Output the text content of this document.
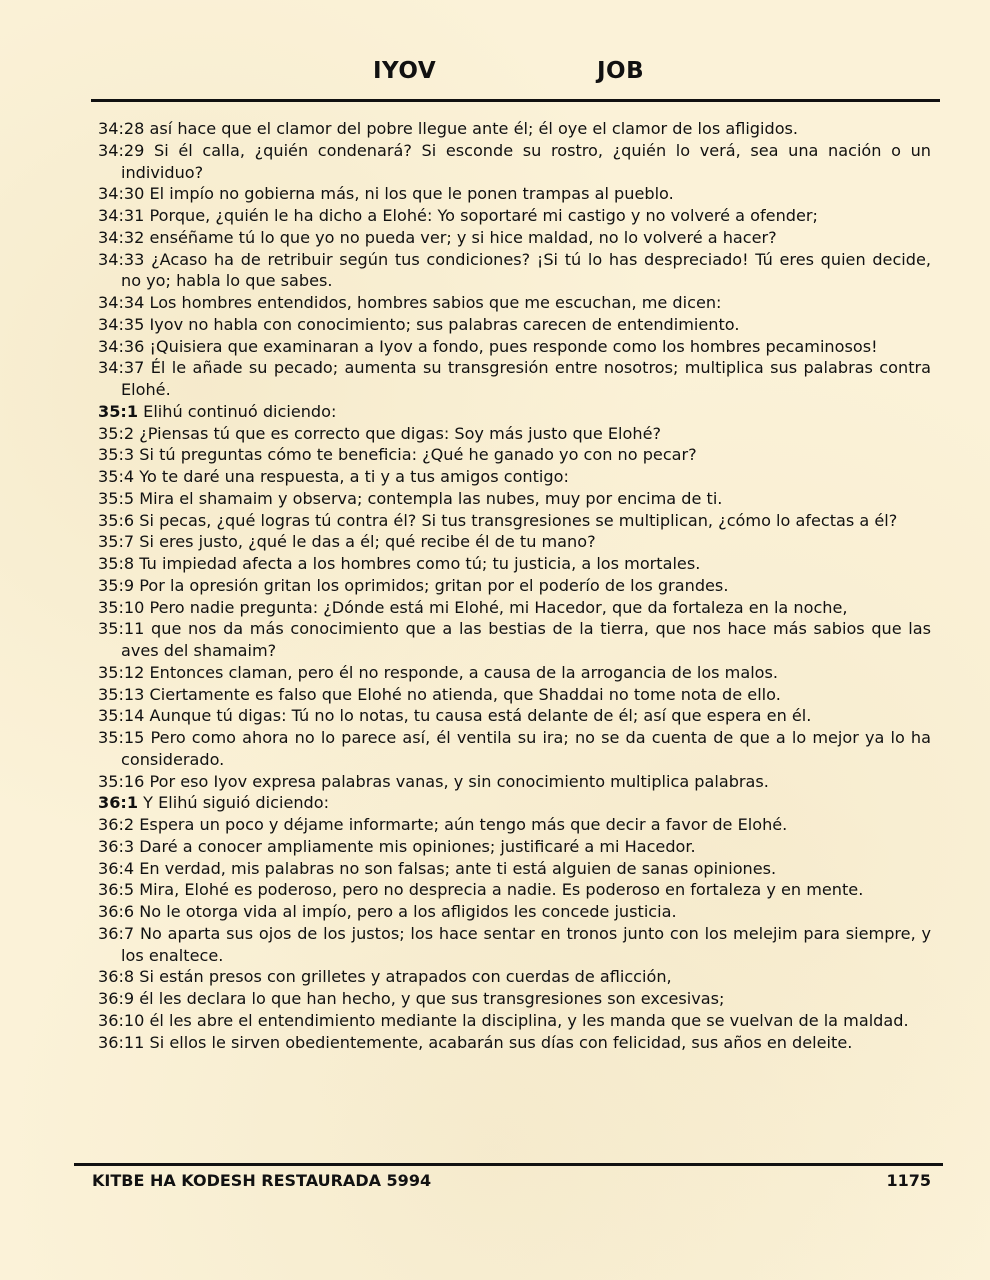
IYOV	JOB
34:28 así hace que el clamor del pobre llegue ante él; él oye el clamor de los afligidos.
34:29 Si él calla, ¿quién condenará? Si esconde su rostro, ¿quién lo verá, sea una nación o un individuo?
34:30 El impío no gobierna más, ni los que le ponen trampas al pueblo.
34:31 Porque, ¿quién le ha dicho a Elohé: Yo soportaré mi castigo y no volveré a ofender;
34:32 enséñame tú lo que yo no pueda ver; y si hice maldad, no lo volveré a hacer?
34:33 ¿Acaso ha de retribuir según tus condiciones? ¡Si tú lo has despreciado! Tú eres quien decide, no yo; habla lo que sabes.
34:34 Los hombres entendidos, hombres sabios que me escuchan, me dicen:
34:35 Iyov no habla con conocimiento; sus palabras carecen de entendimiento.
34:36 ¡Quisiera que examinaran a Iyov a fondo, pues responde como los hombres pecaminosos!
34:37 Él le añade su pecado; aumenta su transgresión entre nosotros; multiplica sus palabras contra Elohé.
35:1 Elihú continuó diciendo:
35:2 ¿Piensas tú que es correcto que digas: Soy más justo que Elohé?
35:3 Si tú preguntas cómo te beneficia: ¿Qué he ganado yo con no pecar?
35:4 Yo te daré una respuesta, a ti y a tus amigos contigo:
35:5 Mira el shamaim y observa; contempla las nubes, muy por encima de ti.
35:6 Si pecas, ¿qué logras tú contra él? Si tus transgresiones se multiplican, ¿cómo lo afectas a él?
35:7 Si eres justo, ¿qué le das a él; qué recibe él de tu mano?
35:8 Tu impiedad afecta a los hombres como tú; tu justicia, a los mortales.
35:9 Por la opresión gritan los oprimidos; gritan por el poderío de los grandes.
35:10 Pero nadie pregunta: ¿Dónde está mi Elohé, mi Hacedor, que da fortaleza en la noche,
35:11 que nos da más conocimiento que a las bestias de la tierra, que nos hace más sabios que las aves del shamaim?
35:12 Entonces claman, pero él no responde, a causa de la arrogancia de los malos.
35:13 Ciertamente es falso que Elohé no atienda, que Shaddai no tome nota de ello.
35:14 Aunque tú digas: Tú no lo notas, tu causa está delante de él; así que espera en él.
35:15 Pero como ahora no lo parece así, él ventila su ira; no se da cuenta de que a lo mejor ya lo ha considerado.
35:16 Por eso Iyov expresa palabras vanas, y sin conocimiento multiplica palabras.
36:1 Y Elihú siguió diciendo:
36:2 Espera un poco y déjame informarte; aún tengo más que decir a favor de Elohé.
36:3 Daré a conocer ampliamente mis opiniones; justificaré a mi Hacedor.
36:4 En verdad, mis palabras no son falsas; ante ti está alguien de sanas opiniones.
36:5 Mira, Elohé es poderoso, pero no desprecia a nadie. Es poderoso en fortaleza y en mente.
36:6 No le otorga vida al impío, pero a los afligidos les concede justicia.
36:7 No aparta sus ojos de los justos; los hace sentar en tronos junto con los melejim para siempre, y los enaltece.
36:8 Si están presos con grilletes y atrapados con cuerdas de aflicción,
36:9 él les declara lo que han hecho, y que sus transgresiones son excesivas;
36:10 él les abre el entendimiento mediante la disciplina, y les manda que se vuelvan de la maldad.
36:11 Si ellos le sirven obedientemente, acabarán sus días con felicidad, sus años en deleite.
KITBE HA KODESH RESTAURADA 5994	1175
